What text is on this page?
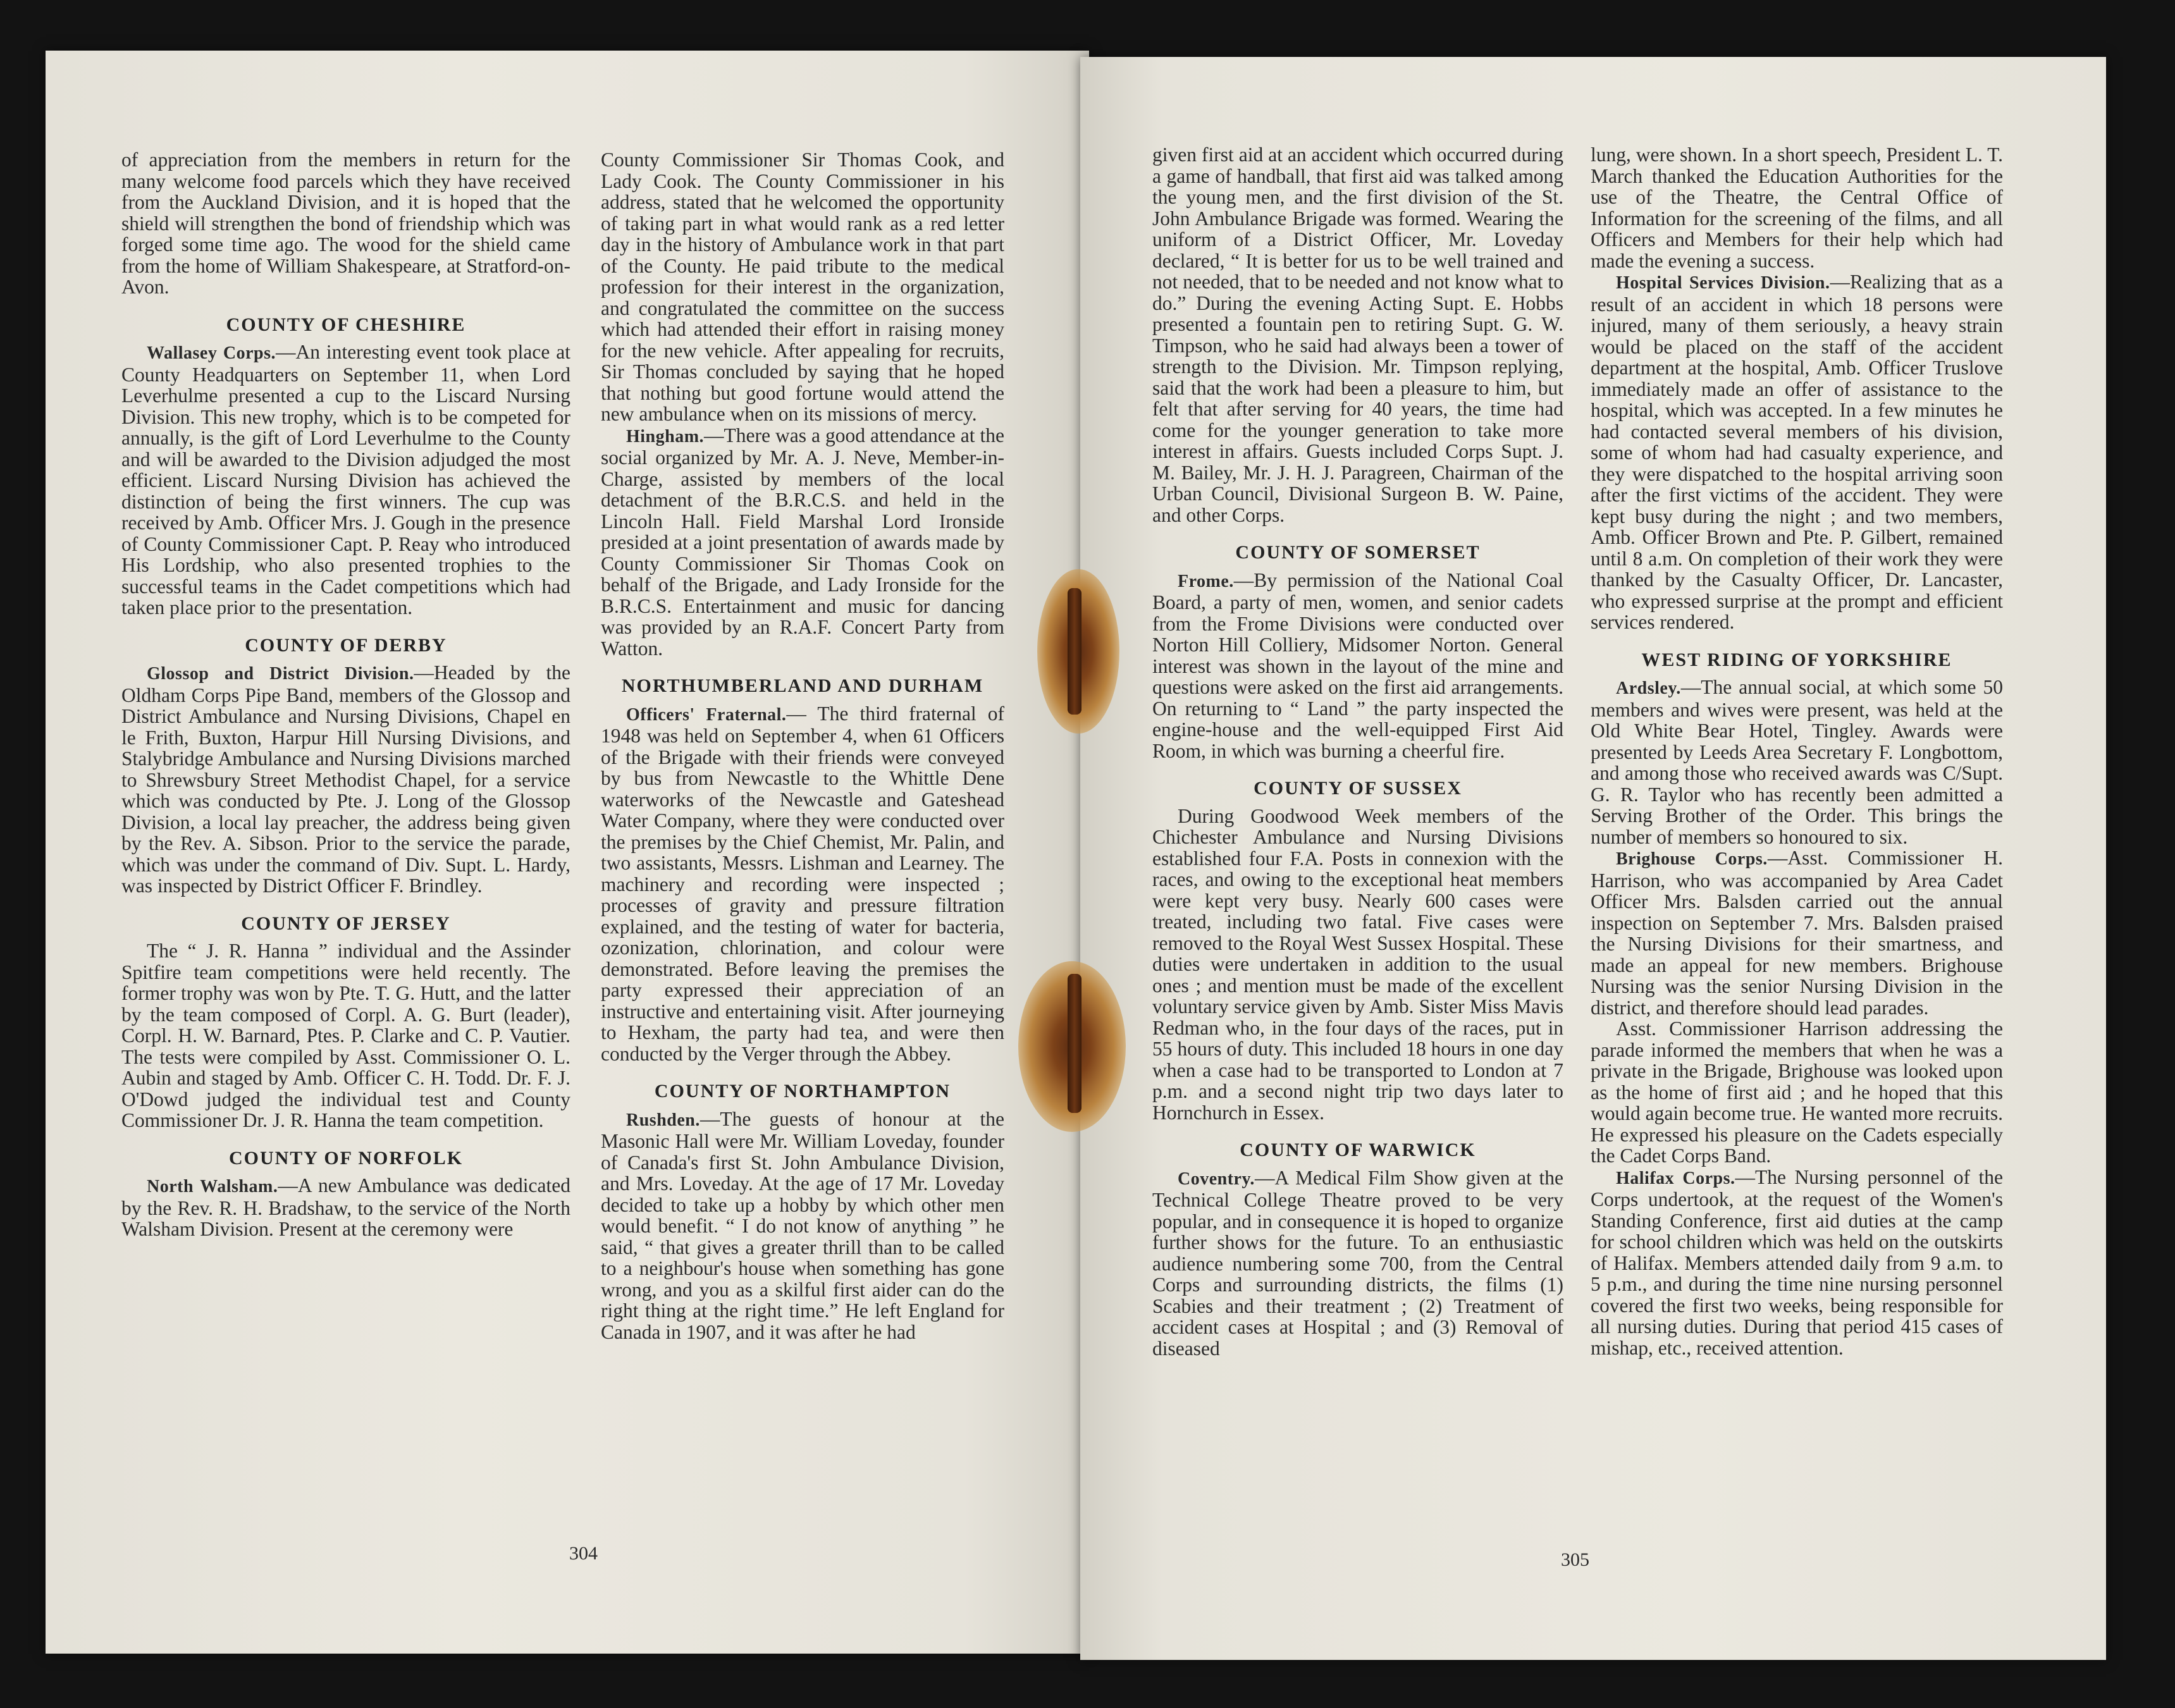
of appreciation from the members in return for the many welcome food parcels which they have received from the Auckland Division, and it is hoped that the shield will strengthen the bond of friendship which was forged some time ago. The wood for the shield came from the home of William Shakespeare, at Stratford-on-Avon.

COUNTY OF CHESHIRE

Wallasey Corps.—An interesting event took place at County Headquarters on September 11, when Lord Leverhulme presented a cup to the Liscard Nursing Division. This new trophy, which is to be competed for annually, is the gift of Lord Leverhulme to the County and will be awarded to the Division adjudged the most efficient. Liscard Nursing Division has achieved the distinction of being the first winners. The cup was received by Amb. Officer Mrs. J. Gough in the presence of County Commissioner Capt. P. Reay who introduced His Lordship, who also presented trophies to the successful teams in the Cadet competitions which had taken place prior to the presentation.

COUNTY OF DERBY

Glossop and District Division.—Headed by the Oldham Corps Pipe Band, members of the Glossop and District Ambulance and Nursing Divisions, Chapel en le Frith, Buxton, Harpur Hill Nursing Divisions, and Stalybridge Ambulance and Nursing Divisions marched to Shrewsbury Street Methodist Chapel, for a service which was conducted by Pte. J. Long of the Glossop Division, a local lay preacher, the address being given by the Rev. A. Sibson. Prior to the service the parade, which was under the command of Div. Supt. L. Hardy, was inspected by District Officer F. Brindley.

COUNTY OF JERSEY

The “ J. R. Hanna ” individual and the Assinder Spitfire team competitions were held recently. The former trophy was won by Pte. T. G. Hutt, and the latter by the team composed of Corpl. A. G. Burt (leader), Corpl. H. W. Barnard, Ptes. P. Clarke and C. P. Vautier. The tests were compiled by Asst. Commissioner O. L. Aubin and staged by Amb. Officer C. H. Todd. Dr. F. J. O'Dowd judged the individual test and County Commissioner Dr. J. R. Hanna the team competition.

COUNTY OF NORFOLK

North Walsham.—A new Ambulance was dedicated by the Rev. R. H. Bradshaw, to the service of the North Walsham Division. Present at the ceremony were

County Commissioner Sir Thomas Cook, and Lady Cook. The County Commissioner in his address, stated that he welcomed the opportunity of taking part in what would rank as a red letter day in the history of Ambulance work in that part of the County. He paid tribute to the medical profession for their interest in the organization, and congratulated the committee on the success which had attended their effort in raising money for the new vehicle. After appealing for recruits, Sir Thomas concluded by saying that he hoped that nothing but good fortune would attend the new ambulance when on its missions of mercy.

Hingham.—There was a good attendance at the social organized by Mr. A. J. Neve, Member-in-Charge, assisted by members of the local detachment of the B.R.C.S. and held in the Lincoln Hall. Field Marshal Lord Ironside presided at a joint presentation of awards made by County Commissioner Sir Thomas Cook on behalf of the Brigade, and Lady Ironside for the B.R.C.S. Entertainment and music for dancing was provided by an R.A.F. Concert Party from Watton.

NORTHUMBERLAND AND DURHAM

Officers' Fraternal.— The third fraternal of 1948 was held on September 4, when 61 Officers of the Brigade with their friends were conveyed by bus from Newcastle to the Whittle Dene waterworks of the Newcastle and Gateshead Water Company, where they were conducted over the premises by the Chief Chemist, Mr. Palin, and two assistants, Messrs. Lishman and Learney. The machinery and recording were inspected ; processes of gravity and pressure filtration explained, and the testing of water for bacteria, ozonization, chlorination, and colour were demonstrated. Before leaving the premises the party expressed their appreciation of an instructive and entertaining visit. After journeying to Hexham, the party had tea, and were then conducted by the Verger through the Abbey.

COUNTY OF NORTHAMPTON

Rushden.—The guests of honour at the Masonic Hall were Mr. William Loveday, founder of Canada's first St. John Ambulance Division, and Mrs. Loveday. At the age of 17 Mr. Loveday decided to take up a hobby by which other men would benefit. “ I do not know of anything ” he said, “ that gives a greater thrill than to be called to a neighbour's house when something has gone wrong, and you as a skilful first aider can do the right thing at the right time.” He left England for Canada in 1907, and it was after he had

304

given first aid at an accident which occurred during a game of handball, that first aid was talked among the young men, and the first division of the St. John Ambulance Brigade was formed. Wearing the uniform of a District Officer, Mr. Loveday declared, “ It is better for us to be well trained and not needed, that to be needed and not know what to do.” During the evening Acting Supt. E. Hobbs presented a fountain pen to retiring Supt. G. W. Timpson, who he said had always been a tower of strength to the Division. Mr. Timpson replying, said that the work had been a pleasure to him, but felt that after serving for 40 years, the time had come for the younger generation to take more interest in affairs. Guests included Corps Supt. J. M. Bailey, Mr. J. H. J. Paragreen, Chairman of the Urban Council, Divisional Surgeon B. W. Paine, and other Corps.

COUNTY OF SOMERSET

Frome.—By permission of the National Coal Board, a party of men, women, and senior cadets from the Frome Divisions were conducted over Norton Hill Colliery, Midsomer Norton. General interest was shown in the layout of the mine and questions were asked on the first aid arrangements. On returning to “ Land ” the party inspected the engine-house and the well-equipped First Aid Room, in which was burning a cheerful fire.

COUNTY OF SUSSEX

During Goodwood Week members of the Chichester Ambulance and Nursing Divisions established four F.A. Posts in connexion with the races, and owing to the exceptional heat members were kept very busy. Nearly 600 cases were treated, including two fatal. Five cases were removed to the Royal West Sussex Hospital. These duties were undertaken in addition to the usual ones ; and mention must be made of the excellent voluntary service given by Amb. Sister Miss Mavis Redman who, in the four days of the races, put in 55 hours of duty. This included 18 hours in one day when a case had to be transported to London at 7 p.m. and a second night trip two days later to Hornchurch in Essex.

COUNTY OF WARWICK

Coventry.—A Medical Film Show given at the Technical College Theatre proved to be very popular, and in consequence it is hoped to organize further shows for the future. To an enthusiastic audience numbering some 700, from the Central Corps and surrounding districts, the films (1) Scabies and their treatment ; (2) Treatment of accident cases at Hospital ; and (3) Removal of diseased

lung, were shown. In a short speech, President L. T. March thanked the Education Authorities for the use of the Theatre, the Central Office of Information for the screening of the films, and all Officers and Members for their help which had made the evening a success.

Hospital Services Division.—Realizing that as a result of an accident in which 18 persons were injured, many of them seriously, a heavy strain would be placed on the staff of the accident department at the hospital, Amb. Officer Truslove immediately made an offer of assistance to the hospital, which was accepted. In a few minutes he had contacted several members of his division, some of whom had had casualty experience, and they were dispatched to the hospital arriving soon after the first victims of the accident. They were kept busy during the night ; and two members, Amb. Officer Brown and Pte. P. Gilbert, remained until 8 a.m. On completion of their work they were thanked by the Casualty Officer, Dr. Lancaster, who expressed surprise at the prompt and efficient services rendered.

WEST RIDING OF YORKSHIRE

Ardsley.—The annual social, at which some 50 members and wives were present, was held at the Old White Bear Hotel, Tingley. Awards were presented by Leeds Area Secretary F. Longbottom, and among those who received awards was C/Supt. G. R. Taylor who has recently been admitted a Serving Brother of the Order. This brings the number of members so honoured to six.

Brighouse Corps.—Asst. Commissioner H. Harrison, who was accompanied by Area Cadet Officer Mrs. Balsden carried out the annual inspection on September 7. Mrs. Balsden praised the Nursing Divisions for their smartness, and made an appeal for new members. Brighouse Nursing was the senior Nursing Division in the district, and therefore should lead parades.

Asst. Commissioner Harrison addressing the parade informed the members that when he was a private in the Brigade, Brighouse was looked upon as the home of first aid ; and he hoped that this would again become true. He wanted more recruits. He expressed his pleasure on the Cadets especially the Cadet Corps Band.

Halifax Corps.—The Nursing personnel of the Corps undertook, at the request of the Women's Standing Conference, first aid duties at the camp for school children which was held on the outskirts of Halifax. Members attended daily from 9 a.m. to 5 p.m., and during the time nine nursing personnel covered the first two weeks, being responsible for all nursing duties. During that period 415 cases of mishap, etc., received attention.

305
